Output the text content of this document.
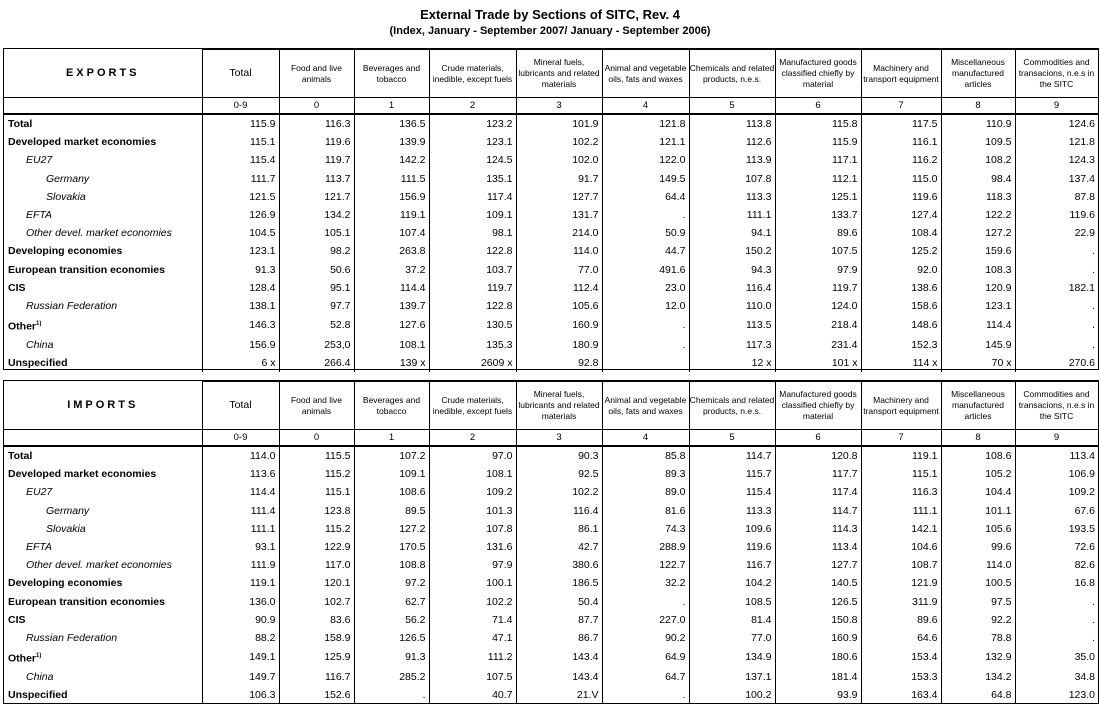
External Trade by Sections of SITC, Rev. 4
(Index, January - September 2007/ January - September 2006)
EXPORTS	Total	Food and live animals	Beverages and tobacco	Crude materials, inedible, except fuels	Mineral fuels, lubricants and related materials	Animal and vegetable oils, fats and waxes	Chemicals and related products, n.e.s.	Manufactured goods classified chiefly by material	Machinery and transport equipment	Miscellaneous manufactured articles	Commodities and transacions, n.e.s in the SITC
	0-9	0	1	2	3	4	5	6	7	8	9
Total	115.9	116.3	136.5	123.2	101.9	121.8	113.8	115.8	117.5	110.9	124.6
Developed market economies	115.1	119.6	139.9	123.1	102.2	121.1	112.6	115.9	116.1	109.5	121.8
EU27	115.4	119.7	142.2	124.5	102.0	122.0	113.9	117.1	116.2	108.2	124.3
Germany	111.7	113.7	111.5	135.1	91.7	149.5	107.8	112.1	115.0	98.4	137.4
Slovakia	121.5	121.7	156.9	117.4	127.7	64.4	113.3	125.1	119.6	118.3	87.8
EFTA	126.9	134.2	119.1	109.1	131.7	.	111.1	133.7	127.4	122.2	119.6
Other devel. market economies	104.5	105.1	107.4	98.1	214.0	50.9	94.1	89.6	108.4	127.2	22.9
Developing economies	123.1	98.2	263.8	122.8	114.0	44.7	150.2	107.5	125.2	159.6	.
European transition economies	91.3	50.6	37.2	103.7	77.0	491.6	94.3	97.9	92.0	108.3	.
CIS	128.4	95.1	114.4	119.7	112.4	23.0	116.4	119.7	138.6	120.9	182.1
Russian Federation	138.1	97.7	139.7	122.8	105.6	12.0	110.0	124.0	158.6	123.1	.
Other$^{1)}$	146.3	52.8	127.6	130.5	160.9	.	113.5	218.4	148.6	114.4	.
China	156.9	253,0	108.1	135.3	180.9	.	117.3	231.4	152.3	145.9	.
Unspecified	6 x	266.4	139 x	2609 x	92.8		12 x	101 x	114 x	70 x	270.6
IMPORTS	Total	Food and live animals	Beverages and tobacco	Crude materials, inedible, except fuels	Mineral fuels, lubricants and related materials	Animal and vegetable oils, fats and waxes	Chemicals and related products, n.e.s.	Manufactured goods classified chiefly by material	Machinery and transport equipment	Miscellaneous manufactured articles	Commodities and transacions, n.e.s in the SITC
	0-9	0	1	2	3	4	5	6	7	8	9
Total	114.0	115.5	107.2	97.0	90.3	85.8	114.7	120.8	119.1	108.6	113.4
Developed market economies	113.6	115.2	109.1	108.1	92.5	89.3	115.7	117.7	115.1	105.2	106.9
EU27	114.4	115.1	108.6	109.2	102.2	89.0	115.4	117.4	116.3	104.4	109.2
Germany	111.4	123.8	89.5	101.3	116.4	81.6	113.3	114.7	111.1	101.1	67.6
Slovakia	111.1	115.2	127.2	107.8	86.1	74.3	109.6	114.3	142.1	105.6	193.5
EFTA	93.1	122.9	170.5	131.6	42.7	288.9	119.6	113.4	104.6	99.6	72.6
Other devel. market economies	111.9	117.0	108.8	97.9	380.6	122.7	116.7	127.7	108.7	114.0	82.6
Developing economies	119.1	120.1	97.2	100.1	186.5	32.2	104.2	140.5	121.9	100.5	16.8
European transition economies	136.0	102.7	62.7	102.2	50.4	.	108.5	126.5	311.9	97.5	.
CIS	90.9	83.6	56.2	71.4	87.7	227.0	81.4	150.8	89.6	92.2	.
Russian Federation	88.2	158.9	126.5	47.1	86.7	90.2	77.0	160.9	64.6	78.8	.
Other$^{1)}$	149.1	125.9	91.3	111.2	143.4	64.9	134.9	180.6	153.4	132.9	35.0
China	149.7	116.7	285.2	107.5	143.4	64.7	137.1	181.4	153.3	134.2	34.8
Unspecified	106.3	152.6	.	40.7	21.V	.	100.2	93.9	163.4	64.8	123.0
